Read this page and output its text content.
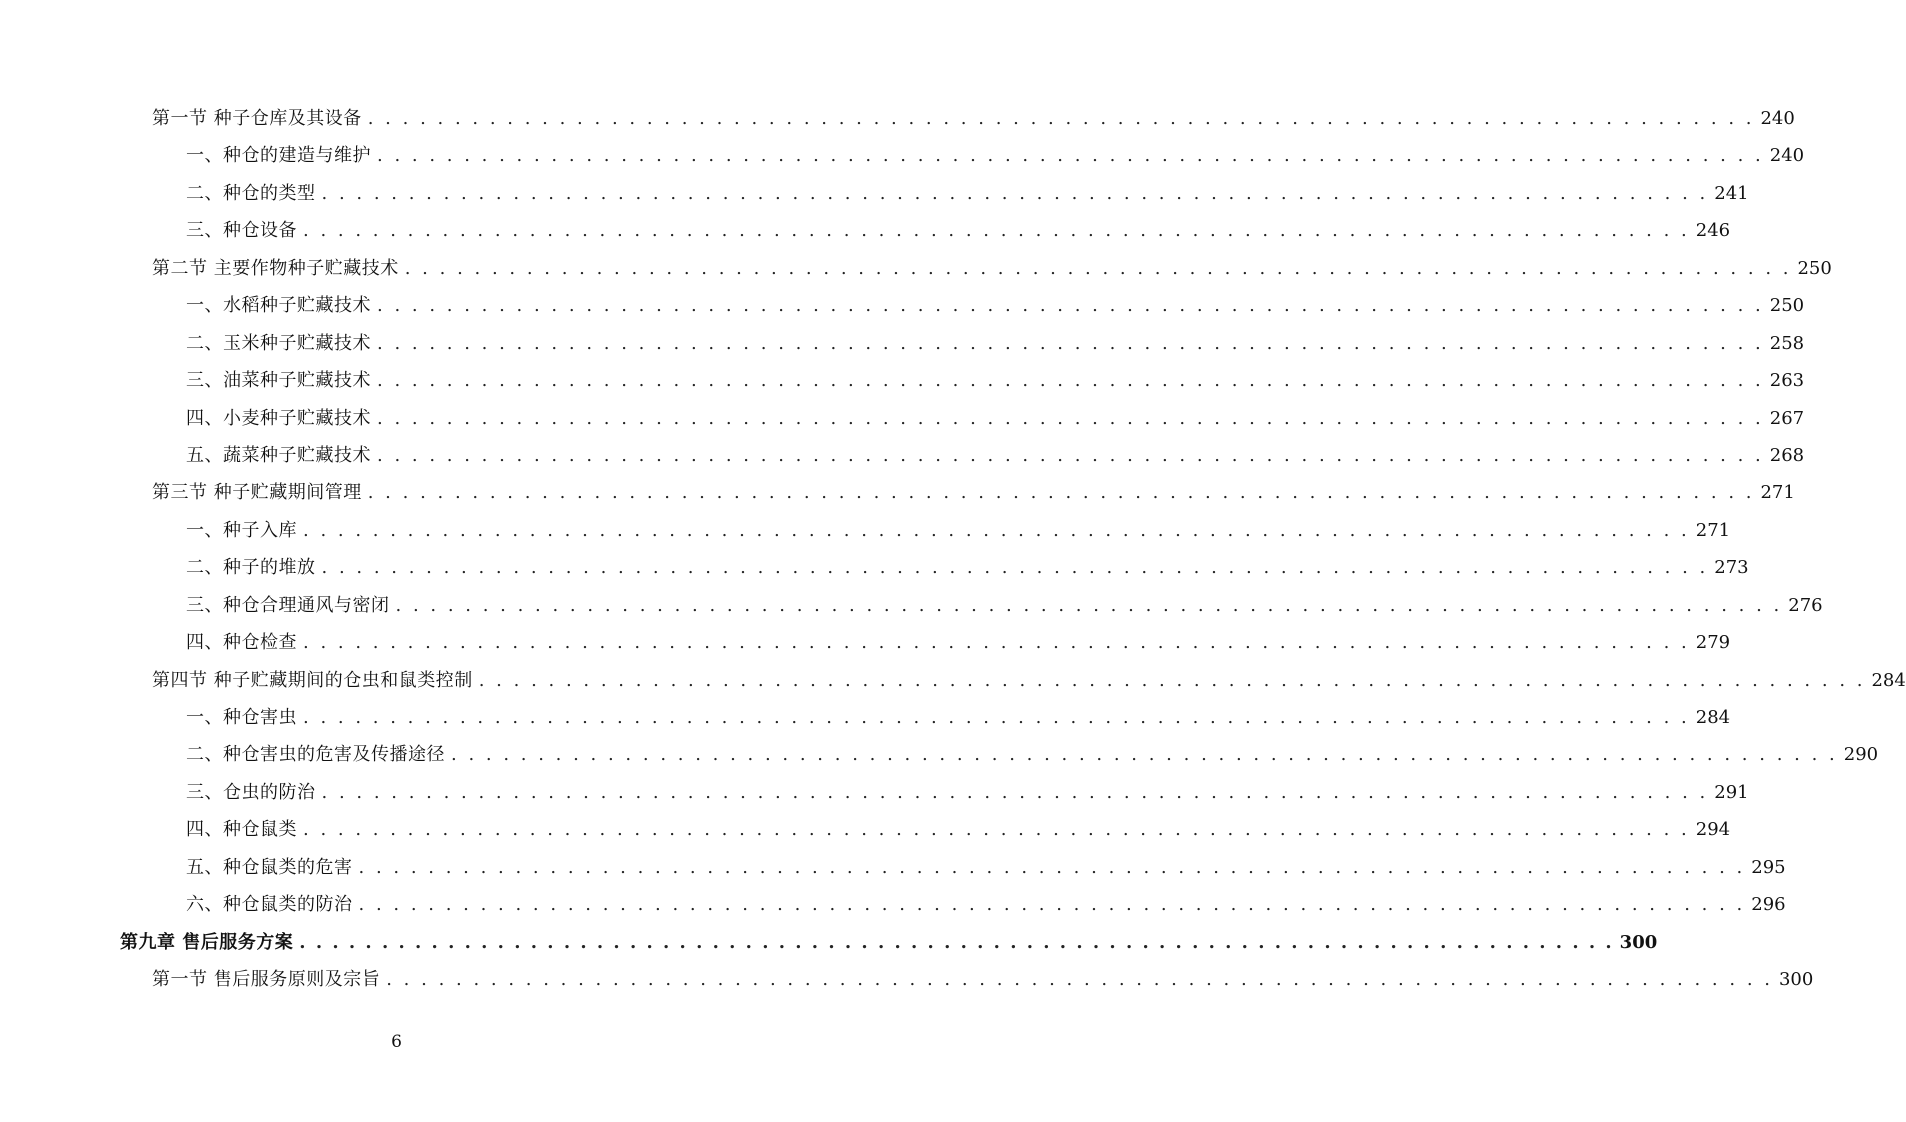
第一节 种子仓库及其设备 . . . . . . . . . . . . . . . . . . . . . . . . . . . . . . . . . . . . . . . . . . . . . . . . . . . . . . . . . . . . . . . . . . . . . . . . . . . . . . . . 240
一、种仓的建造与维护 . . . . . . . . . . . . . . . . . . . . . . . . . . . . . . . . . . . . . . . . . . . . . . . . . . . . . . . . . . . . . . . . . . . . . . . . . . . . . . . . 240
二、种仓的类型 . . . . . . . . . . . . . . . . . . . . . . . . . . . . . . . . . . . . . . . . . . . . . . . . . . . . . . . . . . . . . . . . . . . . . . . . . . . . . . . . 241
三、种仓设备 . . . . . . . . . . . . . . . . . . . . . . . . . . . . . . . . . . . . . . . . . . . . . . . . . . . . . . . . . . . . . . . . . . . . . . . . . . . . . . . . 246
第二节 主要作物种子贮藏技术 . . . . . . . . . . . . . . . . . . . . . . . . . . . . . . . . . . . . . . . . . . . . . . . . . . . . . . . . . . . . . . . . . . . . . . . . . . . . . . . . 250
一、水稻种子贮藏技术 . . . . . . . . . . . . . . . . . . . . . . . . . . . . . . . . . . . . . . . . . . . . . . . . . . . . . . . . . . . . . . . . . . . . . . . . . . . . . . . . 250
二、玉米种子贮藏技术 . . . . . . . . . . . . . . . . . . . . . . . . . . . . . . . . . . . . . . . . . . . . . . . . . . . . . . . . . . . . . . . . . . . . . . . . . . . . . . . . 258
三、油菜种子贮藏技术 . . . . . . . . . . . . . . . . . . . . . . . . . . . . . . . . . . . . . . . . . . . . . . . . . . . . . . . . . . . . . . . . . . . . . . . . . . . . . . . . 263
四、小麦种子贮藏技术 . . . . . . . . . . . . . . . . . . . . . . . . . . . . . . . . . . . . . . . . . . . . . . . . . . . . . . . . . . . . . . . . . . . . . . . . . . . . . . . . 267
五、蔬菜种子贮藏技术 . . . . . . . . . . . . . . . . . . . . . . . . . . . . . . . . . . . . . . . . . . . . . . . . . . . . . . . . . . . . . . . . . . . . . . . . . . . . . . . . 268
第三节 种子贮藏期间管理 . . . . . . . . . . . . . . . . . . . . . . . . . . . . . . . . . . . . . . . . . . . . . . . . . . . . . . . . . . . . . . . . . . . . . . . . . . . . . . . . 271
一、种子入库 . . . . . . . . . . . . . . . . . . . . . . . . . . . . . . . . . . . . . . . . . . . . . . . . . . . . . . . . . . . . . . . . . . . . . . . . . . . . . . . . 271
二、种子的堆放 . . . . . . . . . . . . . . . . . . . . . . . . . . . . . . . . . . . . . . . . . . . . . . . . . . . . . . . . . . . . . . . . . . . . . . . . . . . . . . . . 273
三、种仓合理通风与密闭 . . . . . . . . . . . . . . . . . . . . . . . . . . . . . . . . . . . . . . . . . . . . . . . . . . . . . . . . . . . . . . . . . . . . . . . . . . . . . . . . 276
四、种仓检查 . . . . . . . . . . . . . . . . . . . . . . . . . . . . . . . . . . . . . . . . . . . . . . . . . . . . . . . . . . . . . . . . . . . . . . . . . . . . . . . . 279
第四节 种子贮藏期间的仓虫和鼠类控制 . . . . . . . . . . . . . . . . . . . . . . . . . . . . . . . . . . . . . . . . . . . . . . . . . . . . . . . . . . . . . . . . . . . . . . . . . . . . . . . . 284
一、种仓害虫 . . . . . . . . . . . . . . . . . . . . . . . . . . . . . . . . . . . . . . . . . . . . . . . . . . . . . . . . . . . . . . . . . . . . . . . . . . . . . . . . 284
二、种仓害虫的危害及传播途径 . . . . . . . . . . . . . . . . . . . . . . . . . . . . . . . . . . . . . . . . . . . . . . . . . . . . . . . . . . . . . . . . . . . . . . . . . . . . . . . . 290
三、仓虫的防治 . . . . . . . . . . . . . . . . . . . . . . . . . . . . . . . . . . . . . . . . . . . . . . . . . . . . . . . . . . . . . . . . . . . . . . . . . . . . . . . . 291
四、种仓鼠类 . . . . . . . . . . . . . . . . . . . . . . . . . . . . . . . . . . . . . . . . . . . . . . . . . . . . . . . . . . . . . . . . . . . . . . . . . . . . . . . . 294
五、种仓鼠类的危害 . . . . . . . . . . . . . . . . . . . . . . . . . . . . . . . . . . . . . . . . . . . . . . . . . . . . . . . . . . . . . . . . . . . . . . . . . . . . . . . . 295
六、种仓鼠类的防治 . . . . . . . . . . . . . . . . . . . . . . . . . . . . . . . . . . . . . . . . . . . . . . . . . . . . . . . . . . . . . . . . . . . . . . . . . . . . . . . . 296
第九章 售后服务方案 . . . . . . . . . . . . . . . . . . . . . . . . . . . . . . . . . . . . . . . . . . . . . . . . . . . . . . . . . . . . . . . . . . . . . . . . . . . . . . . . 300
第一节 售后服务原则及宗旨 . . . . . . . . . . . . . . . . . . . . . . . . . . . . . . . . . . . . . . . . . . . . . . . . . . . . . . . . . . . . . . . . . . . . . . . . . . . . . . . . 300
6
